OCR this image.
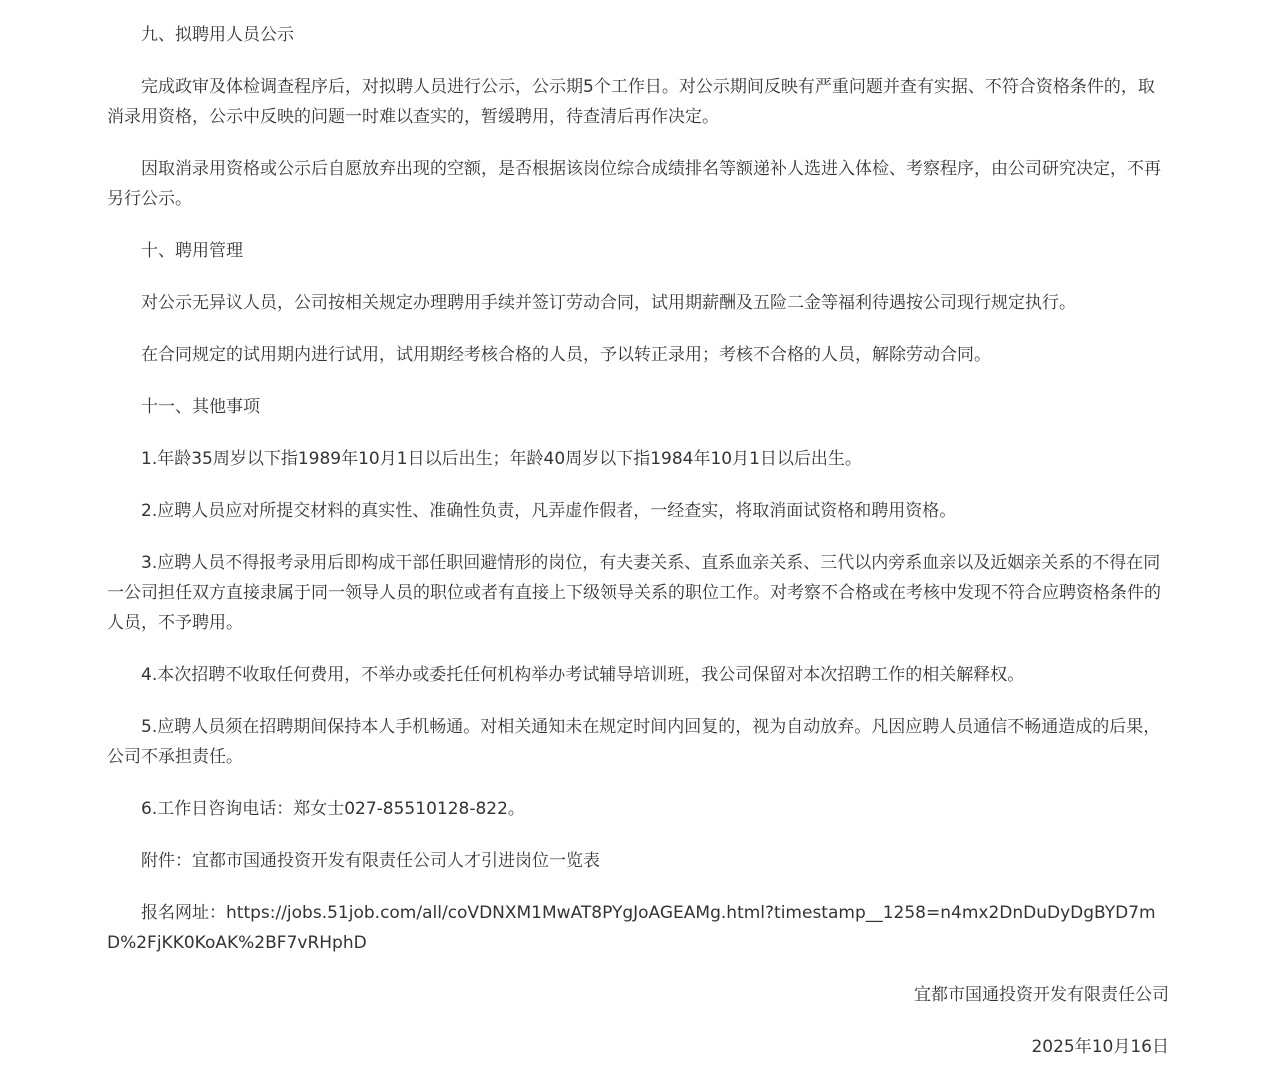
九、拟聘用人员公示

完成政审及体检调查程序后，对拟聘人员进行公示，公示期5个工作日。对公示期间反映有严重问题并查有实据、不符合资格条件的，取消录用资格，公示中反映的问题一时难以查实的，暂缓聘用，待查清后再作决定。

因取消录用资格或公示后自愿放弃出现的空额，是否根据该岗位综合成绩排名等额递补人选进入体检、考察程序，由公司研究决定，不再另行公示。

十、聘用管理

对公示无异议人员，公司按相关规定办理聘用手续并签订劳动合同，试用期薪酬及五险二金等福利待遇按公司现行规定执行。

在合同规定的试用期内进行试用，试用期经考核合格的人员，予以转正录用；考核不合格的人员，解除劳动合同。

十一、其他事项

1.年龄35周岁以下指1989年10月1日以后出生；年龄40周岁以下指1984年10月1日以后出生。

2.应聘人员应对所提交材料的真实性、准确性负责，凡弄虚作假者，一经查实，将取消面试资格和聘用资格。

3.应聘人员不得报考录用后即构成干部任职回避情形的岗位，有夫妻关系、直系血亲关系、三代以内旁系血亲以及近姻亲关系的不得在同一公司担任双方直接隶属于同一领导人员的职位或者有直接上下级领导关系的职位工作。对考察不合格或在考核中发现不符合应聘资格条件的人员，不予聘用。

4.本次招聘不收取任何费用，不举办或委托任何机构举办考试辅导培训班，我公司保留对本次招聘工作的相关解释权。

5.应聘人员须在招聘期间保持本人手机畅通。对相关通知未在规定时间内回复的，视为自动放弃。凡因应聘人员通信不畅通造成的后果，公司不承担责任。

6.工作日咨询电话：郑女士027-85510128-822。

附件：宜都市国通投资开发有限责任公司人才引进岗位一览表

报名网址：https://jobs.51job.com/all/coVDNXM1MwAT8PYgJoAGEAMg.html?timestamp__1258=n4mx2DnDuDyDgBYD7mD%2FjKK0KoAK%2BF7vRHphD

宜都市国通投资开发有限责任公司

2025年10月16日
